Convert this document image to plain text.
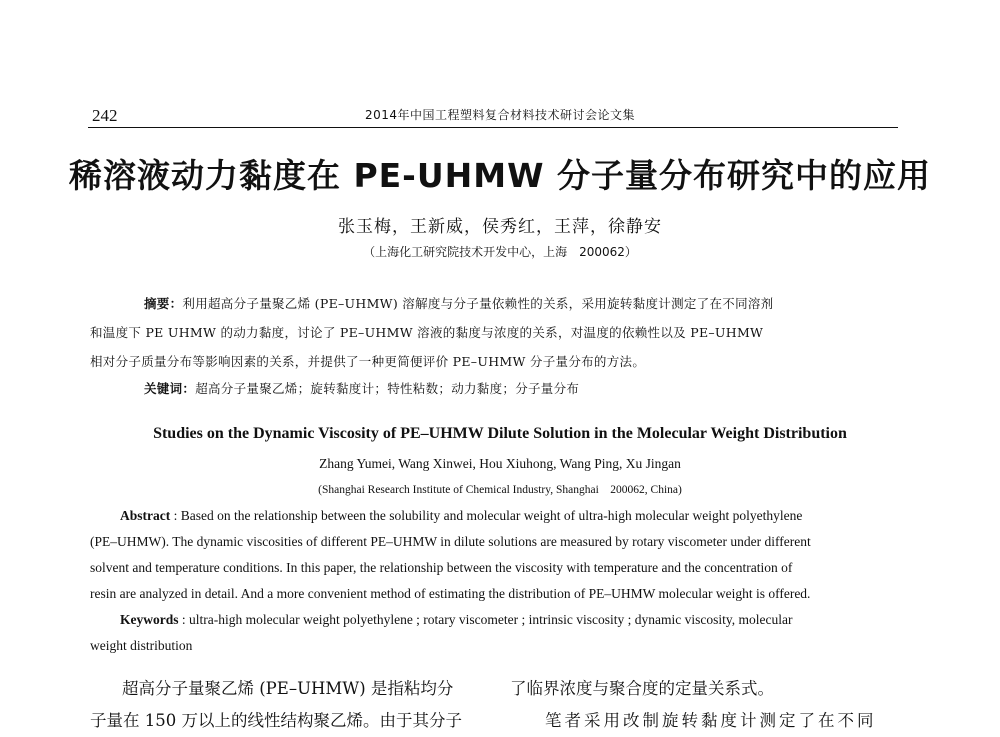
242	2014年中国工程塑料复合材料技术研讨会论文集
稀溶液动力黏度在 PE-UHMW 分子量分布研究中的应用
张玉梅，王新威，侯秀红，王萍，徐静安
（上海化工研究院技术开发中心，上海　200062）
摘要：利用超高分子量聚乙烯 (PE–UHMW) 溶解度与分子量依赖性的关系，采用旋转黏度计测定了在不同溶剂
和温度下 PE UHMW 的动力黏度，讨论了 PE–UHMW 溶液的黏度与浓度的关系，对温度的依赖性以及 PE–UHMW
相对分子质量分布等影响因素的关系，并提供了一种更简便评价 PE–UHMW 分子量分布的方法。
关键词：超高分子量聚乙烯；旋转黏度计；特性粘数；动力黏度；分子量分布
Studies on the Dynamic Viscosity of PE–UHMW Dilute Solution in the Molecular Weight Distribution
Zhang Yumei, Wang Xinwei, Hou Xiuhong, Wang Ping, Xu Jingan
(Shanghai Research Institute of Chemical Industry, Shanghai　200062, China)
Abstract : Based on the relationship between the solubility and molecular weight of ultra-high molecular weight polyethylene
(PE–UHMW). The dynamic viscosities of different PE–UHMW in dilute solutions are measured by rotary viscometer under different
solvent and temperature conditions. In this paper, the relationship between the viscosity with temperature and the concentration of
resin are analyzed in detail. And a more convenient method of estimating the distribution of PE–UHMW molecular weight is offered.
Keywords : ultra-high molecular weight polyethylene ; rotary viscometer ; intrinsic viscosity ; dynamic viscosity, molecular
weight distribution
超高分子量聚乙烯 (PE–UHMW) 是指粘均分
子量在 150 万以上的线性结构聚乙烯。由于其分子
了临界浓度与聚合度的定量关系式。
笔者采用改制旋转黏度计测定了在不同
